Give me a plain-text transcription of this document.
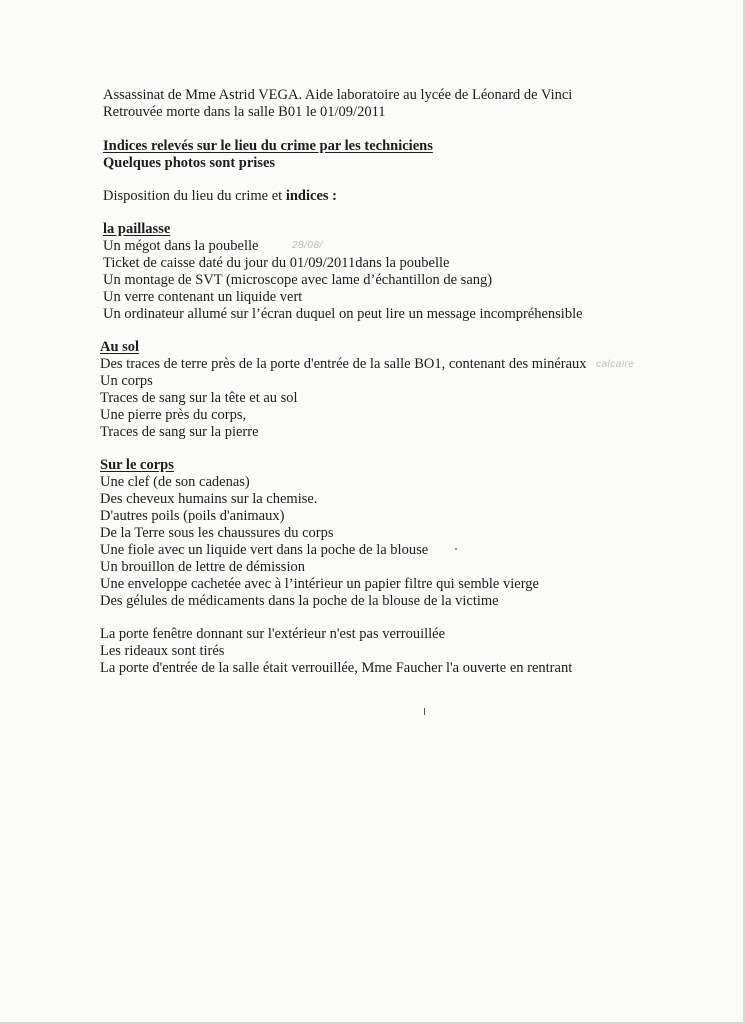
Assassinat de Mme Astrid VEGA. Aide laboratoire au lycée de Léonard de Vinci
Retrouvée morte dans la salle B01 le 01/09/2011
Indices relevés sur le lieu du crime par les techniciens
Quelques photos sont prises
Disposition du lieu du crime et indices :
la paillasse
Un mégot dans la poubelle
Ticket de caisse daté du jour du 01/09/2011dans la poubelle
Un montage de SVT (microscope avec lame d’échantillon de sang)
Un verre contenant un liquide vert
Un ordinateur allumé sur l’écran duquel on peut lire un message incompréhensible
28/08/
Au sol
Des traces de terre près de la porte d'entrée de la salle BO1, contenant des minéraux
Un corps
Traces de sang sur la tête et au sol
Une pierre près du corps,
Traces de sang sur la pierre
calcaire
Sur le corps
Une clef (de son cadenas)
Des cheveux humains sur la chemise.
D'autres poils (poils d'animaux)
De la Terre sous les chaussures du corps
Une fiole avec un liquide vert dans la poche de la blouse
Un brouillon de lettre de démission
Une enveloppe cachetée avec à l’intérieur un papier filtre qui semble vierge
Des gélules de médicaments dans la poche de la blouse de la victime
La porte fenêtre donnant sur l'extérieur n'est pas verrouillée
Les rideaux sont tirés
La porte d'entrée de la salle était verrouillée, Mme Faucher l'a ouverte en rentrant
